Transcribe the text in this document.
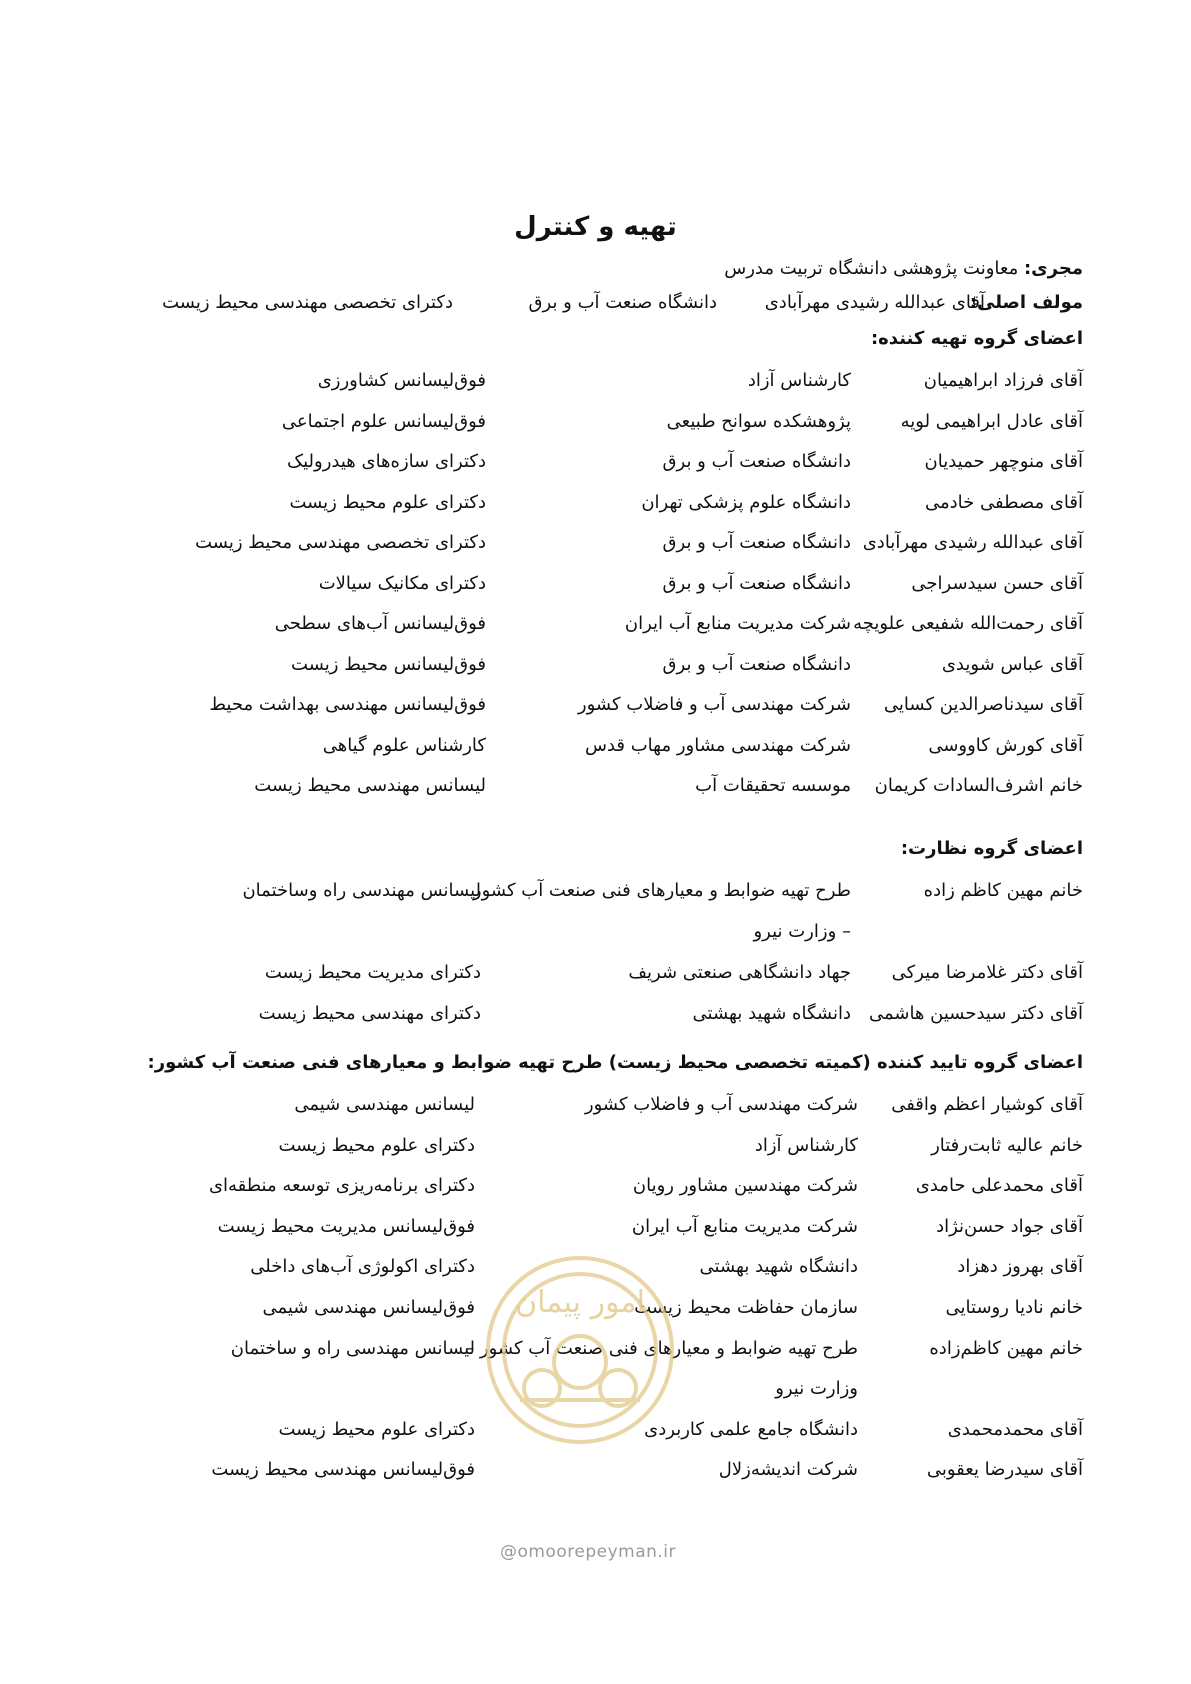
تهیه و کنترل
مجری: معاونت پژوهشی دانشگاه تربیت مدرس
مولف اصلی:
آقای عبدالله رشیدی مهرآبادی
دانشگاه صنعت آب و برق
دکترای تخصصی مهندسی محیط زیست
اعضای گروه تهیه کننده:
آقای فرزاد ابراهیمیان
کارشناس آزاد
فوق‌لیسانس کشاورزی
آقای عادل ابراهیمی لویه
پژوهشکده سوانح طبیعی
فوق‌لیسانس علوم اجتماعی
آقای منوچهر حمیدیان
دانشگاه صنعت آب و برق
دکترای سازه‌های هیدرولیک
آقای مصطفی خادمی
دانشگاه علوم پزشکی تهران
دکترای علوم محیط زیست
آقای عبدالله رشیدی مهرآبادی
دانشگاه صنعت آب و برق
دکترای تخصصی مهندسی محیط زیست
آقای حسن سیدسراجی
دانشگاه صنعت آب و برق
دکترای مکانیک سیالات
آقای رحمت‌الله شفیعی علویچه
شرکت مدیریت منابع آب ایران
فوق‌لیسانس آب‌های سطحی
آقای عباس شویدی
دانشگاه صنعت آب و برق
فوق‌لیسانس محیط زیست
آقای سیدناصرالدین کسایی
شرکت مهندسی آب و فاضلاب کشور
فوق‌لیسانس مهندسی بهداشت محیط
آقای کورش کاووسی
شرکت مهندسی مشاور مهاب قدس
کارشناس علوم گیاهی
خانم اشرف‌السادات کریمان
موسسه تحقیقات آب
لیسانس مهندسی محیط زیست
اعضای گروه نظارت:
خانم مهین کاظم زاده
طرح تهیه ضوابط و معیارهای فنی صنعت آب کشور
لیسانس مهندسی راه وساختمان
– وزارت نیرو
آقای دکتر غلامرضا میرکی
جهاد دانشگاهی صنعتی شریف
دکترای مدیریت محیط زیست
آقای دکتر سیدحسین هاشمی
دانشگاه شهید بهشتی
دکترای مهندسی محیط زیست
اعضای گروه تایید کننده (کمیته تخصصی محیط زیست) طرح تهیه ضوابط و معیارهای فنی صنعت آب کشور:
آقای کوشیار اعظم واقفی
شرکت مهندسی آب و فاضلاب کشور
لیسانس مهندسی شیمی
خانم عالیه ثابت‌رفتار
کارشناس آزاد
دکترای علوم محیط زیست
آقای محمدعلی حامدی
شرکت مهندسین مشاور رویان
دکترای برنامه‌ریزی توسعه منطقه‌ای
آقای جواد حسن‌نژاد
شرکت مدیریت منابع آب ایران
فوق‌لیسانس مدیریت محیط زیست
آقای بهروز دهزاد
دانشگاه شهید بهشتی
دکترای اکولوژی آب‌های داخلی
خانم نادیا روستایی
سازمان حفاظت محیط زیست
فوق‌لیسانس مهندسی شیمی
خانم مهین کاظم‌زاده
طرح تهیه ضوابط و معیارهای فنی صنعت آب کشور –
لیسانس مهندسی راه و ساختمان
وزارت نیرو
آقای محمدمحمدی
دانشگاه جامع علمی کاربردی
دکترای علوم محیط زیست
آقای سیدرضا یعقوبی
شرکت اندیشه‌زلال
فوق‌لیسانس مهندسی محیط زیست
امور پیمان
@omoorepeyman.ir
